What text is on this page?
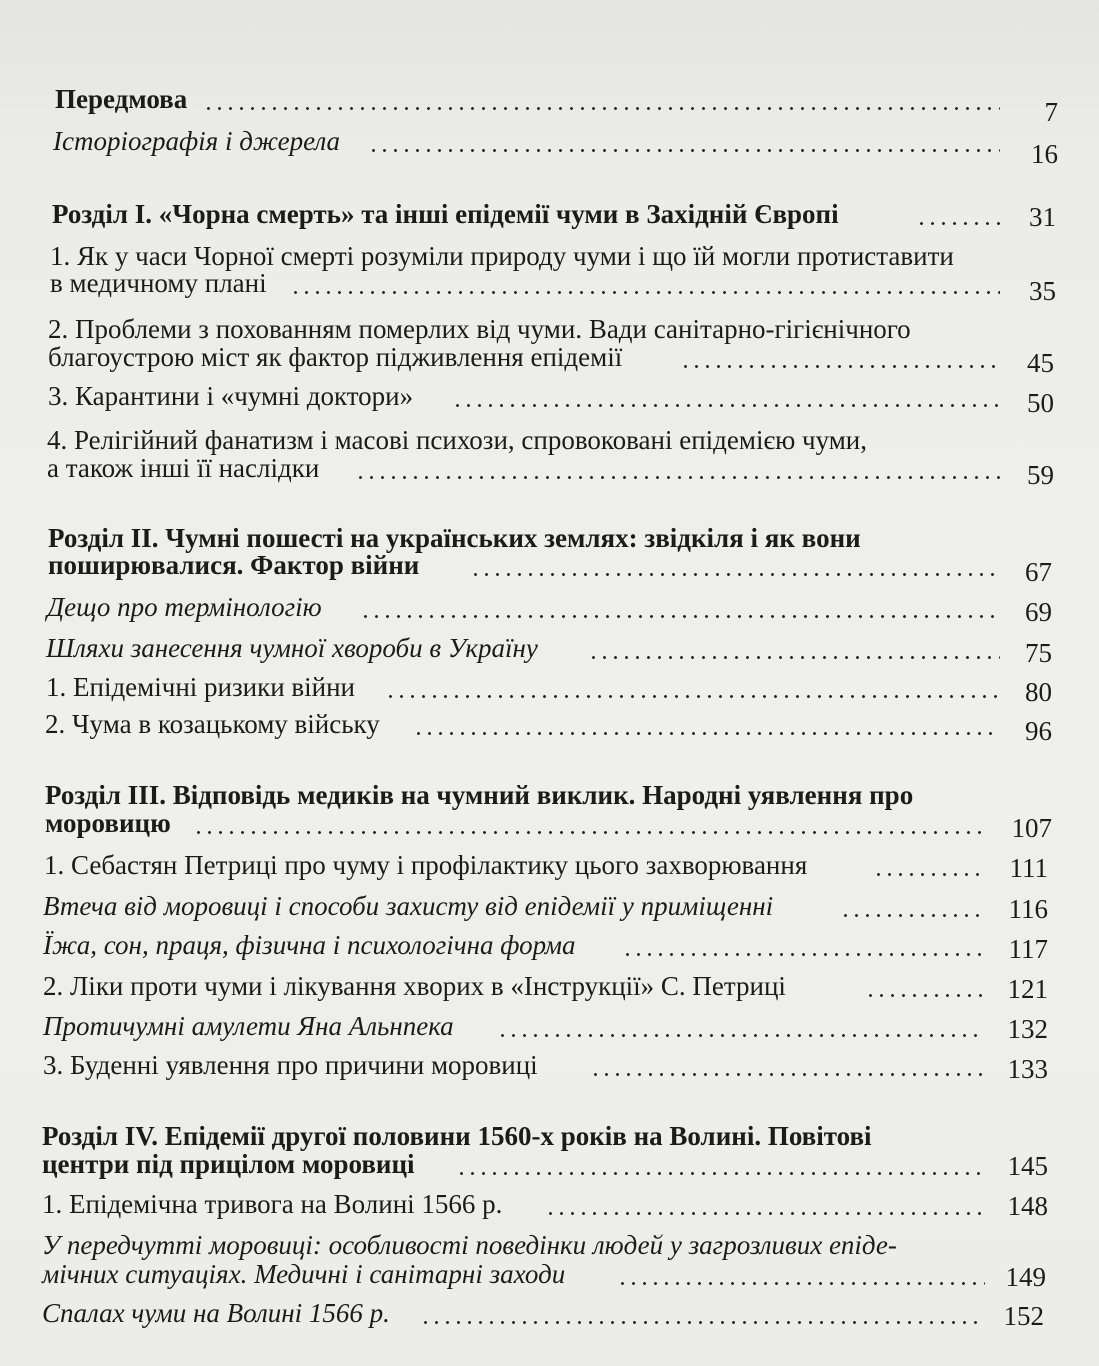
Передмова	7
Історіографія і джерела	16
Розділ I. «Чорна смерть» та інші епідемії чуми в Західній Європі	31
1. Як у часи Чорної смерті розуміли природу чуми і що їй могли протиставити
в медичному плані	35
2. Проблеми з похованням померлих від чуми. Вади санітарно-гігієнічного
благоустрою міст як фактор підживлення епідемії	45
3. Карантини і «чумні доктори»	50
4. Релігійний фанатизм і масові психози, спровоковані епідемією чуми,
а також інші її наслідки	59
Розділ II. Чумні пошесті на українських землях: звідкіля і як вони
поширювалися. Фактор війни	67
Дещо про термінологію	69
Шляхи занесення чумної хвороби в Україну	75
1. Епідемічні ризики війни	80
2. Чума в козацькому війську	96
Розділ III. Відповідь медиків на чумний виклик. Народні уявлення про
моровицю	107
1. Себастян Петриці про чуму і профілактику цього захворювання	111
Втеча від моровиці і способи захисту від епідемії у приміщенні	116
Їжа, сон, праця, фізична і психологічна форма	117
2. Ліки проти чуми і лікування хворих в «Інструкції» С. Петриці	121
Протичумні амулети Яна Альнпека	132
3. Буденні уявлення про причини моровиці	133
Розділ IV. Епідемії другої половини 1560-х років на Волині. Повітові
центри під прицілом моровиці	145
1. Епідемічна тривога на Волині 1566 р.	148
У передчутті моровиці: особливості поведінки людей у загрозливих епіде-
мічних ситуаціях. Медичні і санітарні заходи	149
Спалах чуми на Волині 1566 р.	152
